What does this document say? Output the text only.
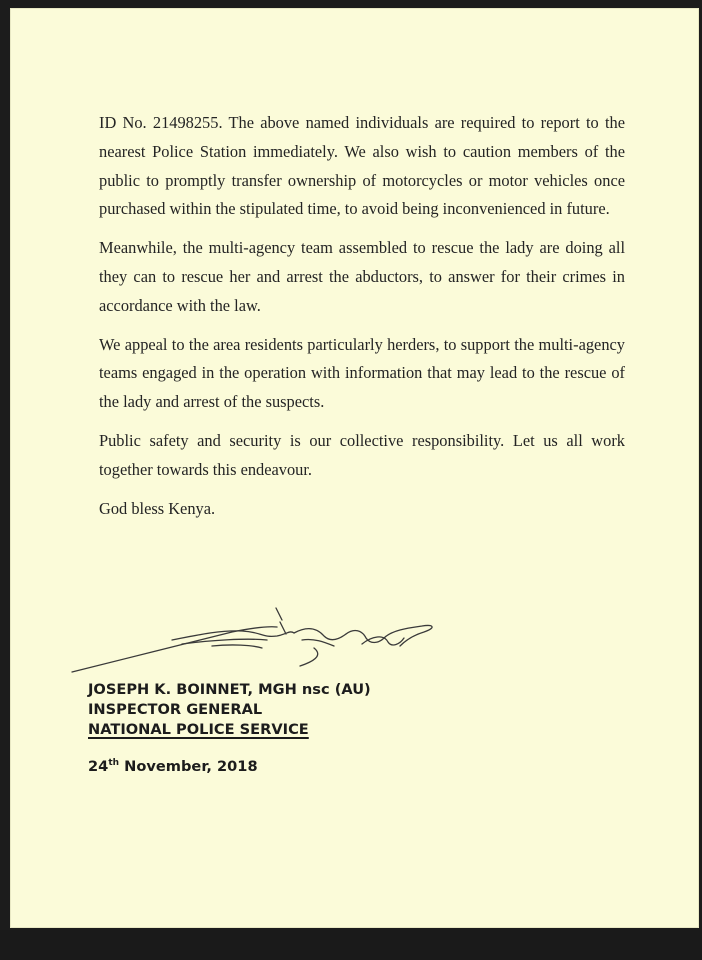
ID No. 21498255. The above named individuals are required to report to the nearest Police Station immediately. We also wish to caution members of the public to promptly transfer ownership of motorcycles or motor vehicles once purchased within the stipulated time, to avoid being inconvenienced in future.

Meanwhile, the multi-agency team assembled to rescue the lady are doing all they can to rescue her and arrest the abductors, to answer for their crimes in accordance with the law.

We appeal to the area residents particularly herders, to support the multi-agency teams engaged in the operation with information that may lead to the rescue of the lady and arrest of the suspects.

Public safety and security is our collective responsibility. Let us all work together towards this endeavour.

God bless Kenya.

JOSEPH K. BOINNET, MGH nsc (AU)
INSPECTOR GENERAL
NATIONAL POLICE SERVICE
24th November, 2018
